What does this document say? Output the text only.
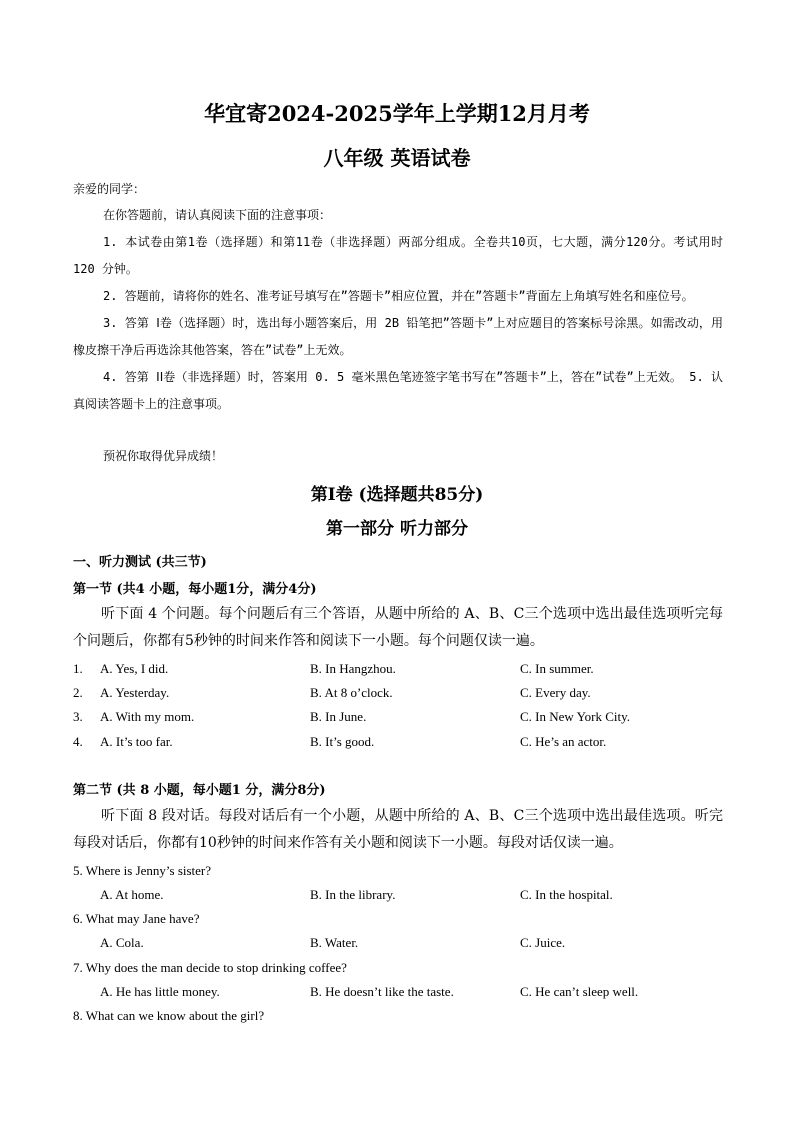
华宜寄2024-2025学年上学期12月月考
八年级 英语试卷
亲爱的同学：
在你答题前，请认真阅读下面的注意事项：

1. 本试卷由第1卷（选择题）和第11卷（非选择题）两部分组成。全卷共10页，七大题，满分120分。考试用时 120 分钟。

2. 答题前，请将你的姓名、准考证号填写在”答题卡”相应位置，并在”答题卡”背面左上角填写姓名和座位号。

3. 答第 Ⅰ卷（选择题）时，选出每小题答案后，用 2B 铅笔把”答题卡”上对应题目的答案标号涂黑。如需改动，用橡皮擦干净后再选涂其他答案，答在”试卷”上无效。

4. 答第 ⅠⅠ卷（非选择题）时，答案用 0. 5 毫米黑色笔迹签字笔书写在”答题卡”上，答在”试卷”上无效。 5. 认真阅读答题卡上的注意事项。

预祝你取得优异成绩！
第Ⅰ卷 (选择题共85分)
第一部分 听力部分
一、听力测试 (共三节)
第一节 (共4 小题，每小题1分，满分4分)
听下面 4 个问题。每个问题后有三个答语，从题中所给的 A、B、C三个选项中选出最佳选项听完每个问题后，你都有5秒钟的时间来作答和阅读下一小题。每个问题仅读一遍。
1. A. Yes, I did.	B. In Hangzhou.	C. In summer.
2. A. Yesterday.	B. At 8 o’clock.	C. Every day.
3. A. With my mom.	B. In June.	C. In New York City.
4. A. It’s too far.	B. It’s good.	C. He’s an actor.
第二节 (共 8 小题，每小题1 分，满分8分)
听下面 8 段对话。每段对话后有一个小题，从题中所给的 A、B、C三个选项中选出最佳选项。听完每段对话后，你都有10秒钟的时间来作答有关小题和阅读下一小题。每段对话仅读一遍。
5. Where is Jenny’s sister?
A. At home.	B. In the library.	C. In the hospital.
6. What may Jane have?
A. Cola.	B. Water.	C. Juice.
7. Why does the man decide to stop drinking coffee?
A. He has little money.	B. He doesn’t like the taste.	C. He can’t sleep well.
8. What can we know about the girl?
